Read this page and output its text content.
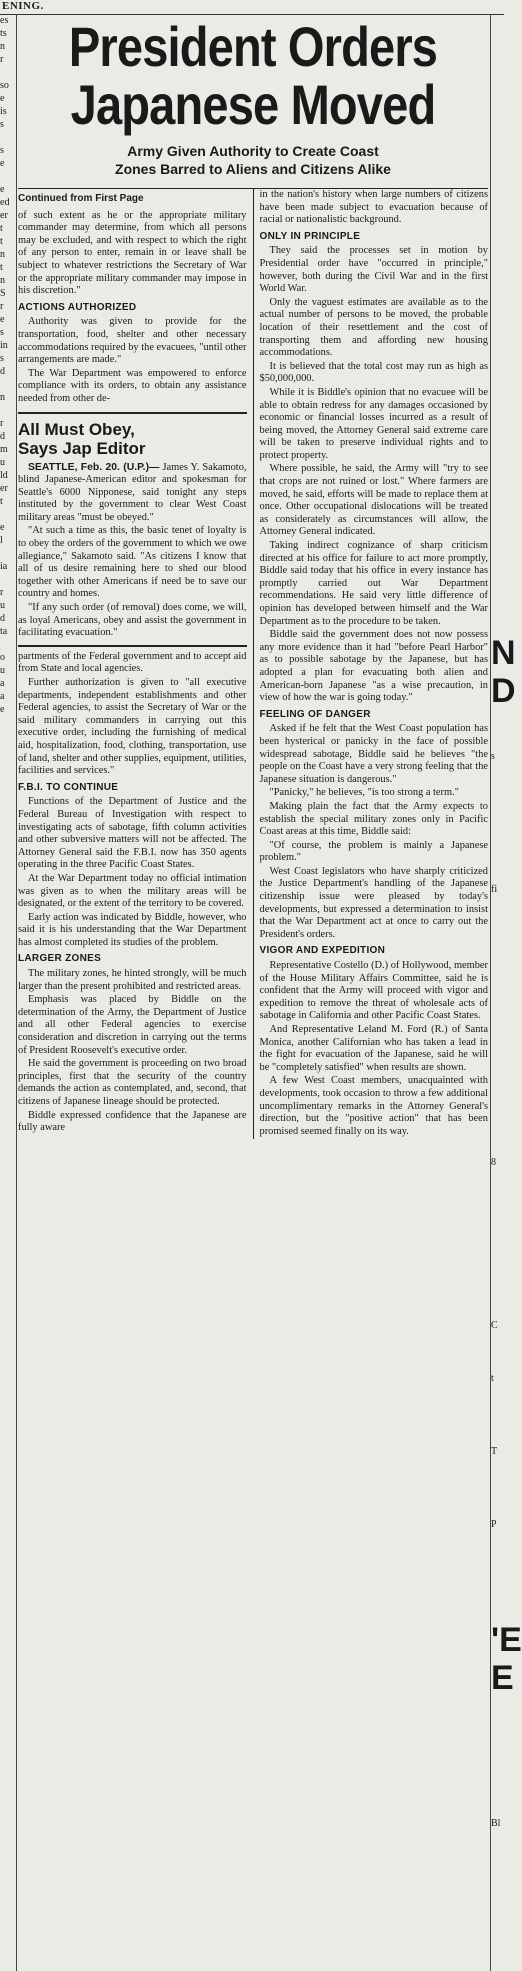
ENING.
es
ts
n
r

so
e
is
s

s
e

e
ed
er
t
t
n
t
n
S
r
e
s
in
s
d

n

r
d
m
u
ld
er
t

e
l

ia

r
u
d
ta

o
u
a
a
e
N
D
s
fi
8
C
t
T
P
'E
E
Bl
President Orders
Japanese Moved
Army Given Authority to Create Coast
Zones Barred to Aliens and Citizens Alike
Continued from First Page

of such extent as he or the appropriate military commander may determine, from which all persons may be excluded, and with respect to which the right of any person to enter, remain in or leave shall be subject to whatever restrictions the Secretary of War or the appropriate military commander may impose in his discretion."

ACTIONS AUTHORIZED

Authority was given to provide for the transportation, food, shelter and other necessary accommodations required by the evacuees, "until other arrangements are made."

The War Department was empowered to enforce compliance with its orders, to obtain any assistance needed from other de-

All Must Obey,
Says Jap Editor

SEATTLE, Feb. 20. (U.P.)— James Y. Sakamoto, blind Japanese-American editor and spokesman for Seattle's 6000 Nipponese, said tonight any steps instituted by the government to clear West Coast military areas "must be obeyed."

"At such a time as this, the basic tenet of loyalty is to obey the orders of the government to which we owe allegiance," Sakamoto said. "As citizens I know that all of us desire remaining here to shed our blood together with other Americans if need be to save our country and homes.

"If any such order (of removal) does come, we will, as loyal Americans, obey and assist the government in facilitating evacuation."

partments of the Federal government and to accept aid from State and local agencies.

Further authorization is given to "all executive departments, independent establishments and other Federal agencies, to assist the Secretary of War or the said military commanders in carrying out this executive order, including the furnishing of medical aid, hospitalization, food, clothing, transportation, use of land, shelter and other supplies, equipment, utilities, facilities and services."

F.B.I. TO CONTINUE

Functions of the Department of Justice and the Federal Bureau of Investigation with respect to investigating acts of sabotage, fifth column activities and other subversive matters will not be affected. The Attorney General said the F.B.I. now has 350 agents operating in the three Pacific Coast States.

At the War Department today no official intimation was given as to when the military areas will be designated, or the extent of the territory to be covered.

Early action was indicated by Biddle, however, who said it is his understanding that the War Department has almost completed its studies of the problem.

LARGER ZONES

The military zones, he hinted strongly, will be much larger than the present prohibited and restricted areas.

Emphasis was placed by Biddle on the determination of the Army, the Department of Justice and all other Federal agencies to exercise consideration and discretion in carrying out the terms of President Roosevelt's executive order.

He said the government is proceeding on two broad principles, first that the security of the country demands the action as contemplated, and, second, that citizens of Japanese lineage should be protected.

Biddle expressed confidence that the Japanese are fully aware

in the nation's history when large numbers of citizens have been made subject to evacuation because of racial or nationalistic background.

ONLY IN PRINCIPLE

They said the processes set in motion by Presidential order have "occurred in principle," however, both during the Civil War and in the first World War.

Only the vaguest estimates are available as to the actual number of persons to be moved, the probable location of their resettlement and the cost of transporting them and affording new housing accommodations.

It is believed that the total cost may run as high as $50,000,000.

While it is Biddle's opinion that no evacuee will be able to obtain redress for any damages occasioned by economic or financial losses incurred as a result of being moved, the Attorney General said extreme care will be taken to preserve individual rights and to protect property.

Where possible, he said, the Army will "try to see that crops are not ruined or lost." Where farmers are moved, he said, efforts will be made to replace them at once. Other occupational dislocations will be treated as considerately as circumstances will allow, the Attorney General indicated.

Taking indirect cognizance of sharp criticism directed at his office for failure to act more promptly, Biddle said today that his office in every instance has promptly carried out War Department recommendations. He said very little difference of opinion has developed between himself and the War Department as to the procedure to be taken.

Biddle said the government does not now possess any more evidence than it had "before Pearl Harbor" as to possible sabotage by the Japanese, but has adopted a plan for evacuating both alien and American-born Japanese "as a wise precaution, in view of how the war is going today."

FEELING OF DANGER

Asked if he felt that the West Coast population has been hysterical or panicky in the face of possible widespread sabotage, Biddle said he believes "the people on the Coast have a very strong feeling that the Japanese situation is dangerous."

"Panicky," he believes, "is too strong a term."

Making plain the fact that the Army expects to establish the special military zones only in Pacific Coast areas at this time, Biddle said:

"Of course, the problem is mainly a Japanese problem."

West Coast legislators who have sharply criticized the Justice Department's handling of the Japanese citizenship issue were pleased by today's developments, but expressed a determination to insist that the War Department act at once to carry out the President's orders.

VIGOR AND EXPEDITION

Representative Costello (D.) of Hollywood, member of the House Military Affairs Committee, said he is confident that the Army will proceed with vigor and expedition to remove the threat of wholesale acts of sabotage in California and other Pacific Coast States.

And Representative Leland M. Ford (R.) of Santa Monica, another Californian who has taken a lead in the fight for evacuation of the Japanese, said he will be "completely satisfied" when results are shown.

A few West Coast members, unacquainted with developments, took occasion to throw a few additional uncomplimentary remarks in the Attorney General's direction, but the "positive action" that has been promised seemed finally on its way.
